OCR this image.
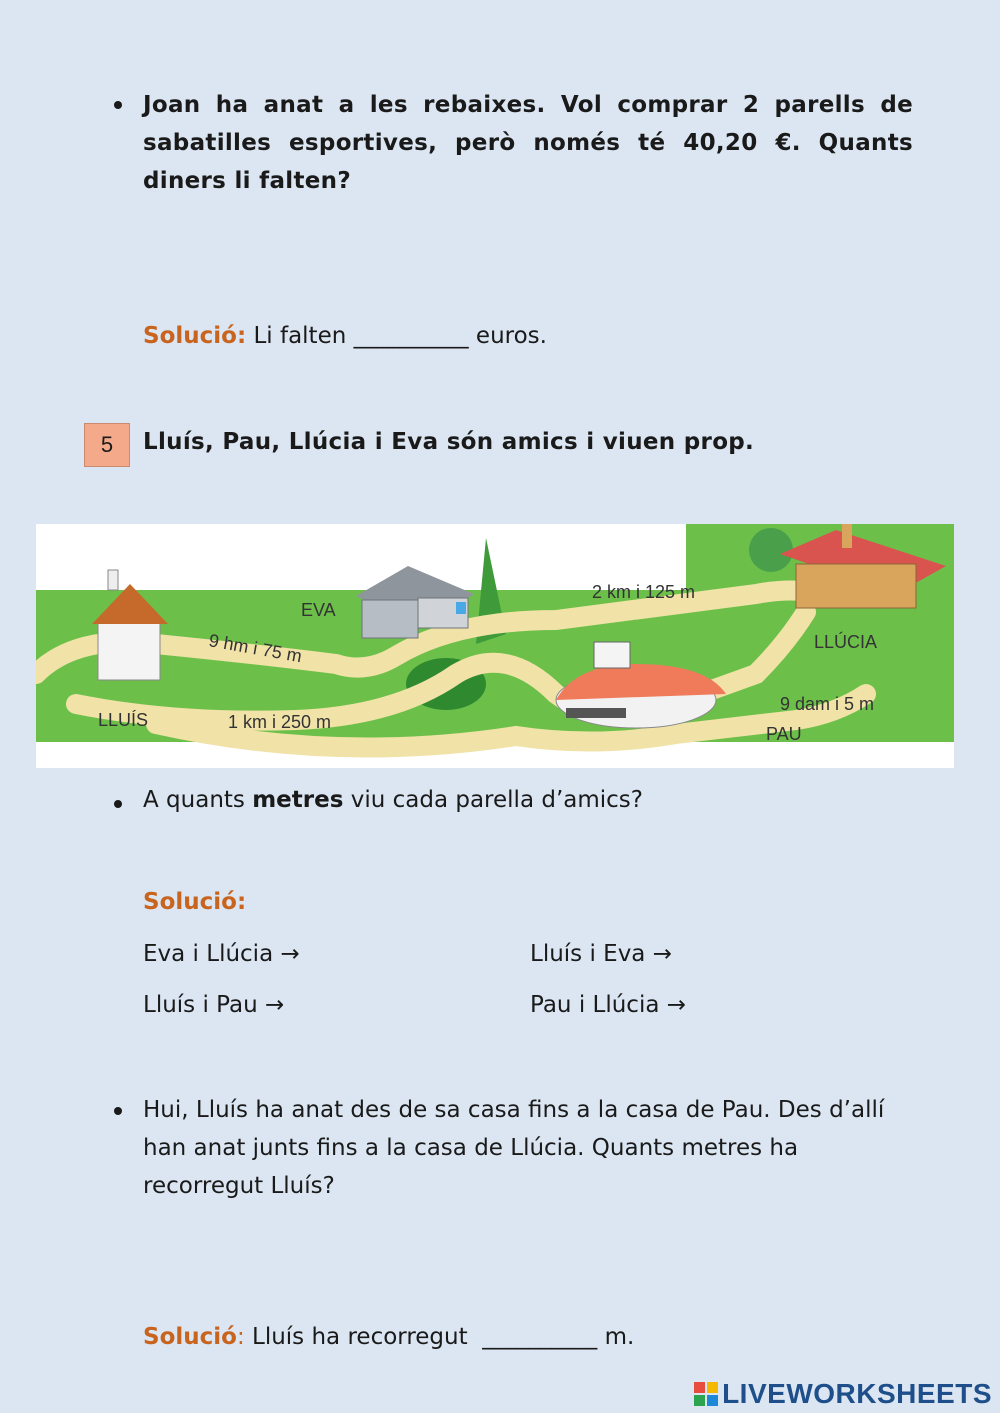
Joan ha anat a les rebaixes. Vol comprar 2 parells de sabatilles esportives, però només té 40,20 €. Quants diners li falten?
Solució: Li falten __________ euros.
5	Lluís, Pau, Llúcia i Eva són amics i viuen prop.
EVA
LLUÍS
LLÚCIA
PAU
9 hm i 75 m
1 km i 250 m
2 km i 125 m
9 dam i 5 m
A quants metres viu cada parella d’amics?
Solució:
Eva i Llúcia →	Lluís i Eva →
Lluís i Pau →	Pau i Llúcia →
Hui, Lluís ha anat des de sa casa fins a la casa de Pau. Des d’allí han anat junts fins a la casa de Llúcia. Quants metres ha recorregut Lluís?
Solució: Lluís ha recorregut  __________ m.
LIVEWORKSHEETS
